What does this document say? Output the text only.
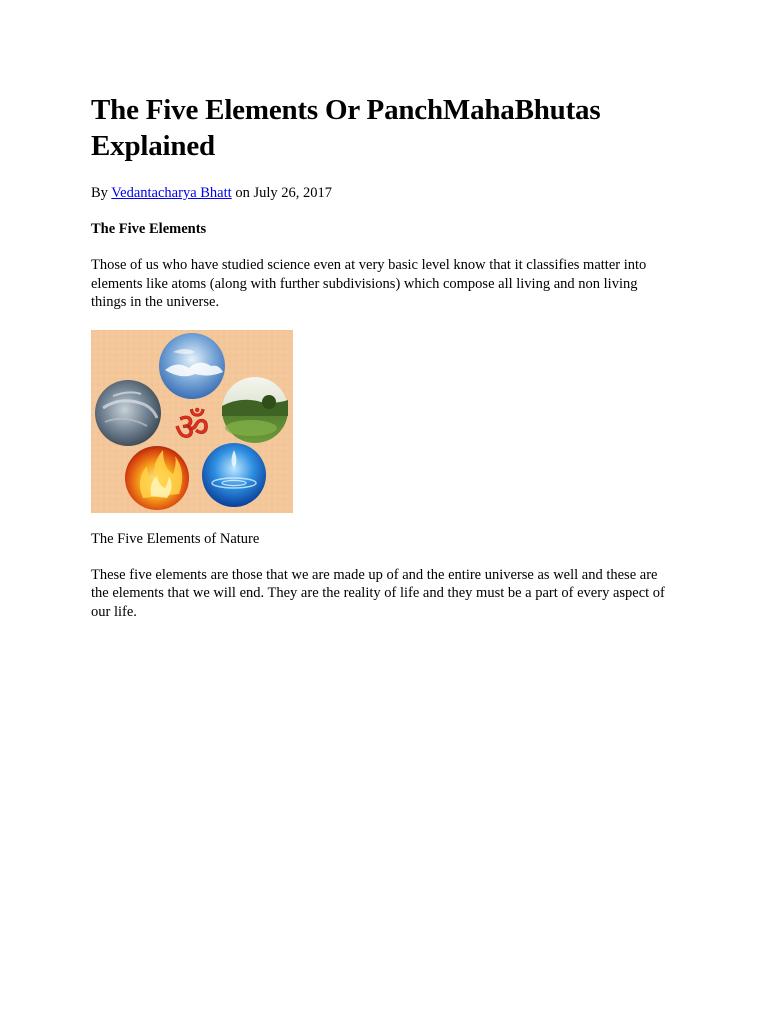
The Five Elements Or PanchMahaBhutas Explained
By Vedantacharya Bhatt on July 26, 2017
The Five Elements

Those of us who have studied science even at very basic level know that it classifies matter into elements like atoms (along with further subdivisions) which compose all living and non living things in the universe.

ॐ
The Five Elements of Nature

These five elements are those that we are made up of and the entire universe as well and these are the elements that we will end. They are the reality of life and they must be a part of every aspect of our life.
